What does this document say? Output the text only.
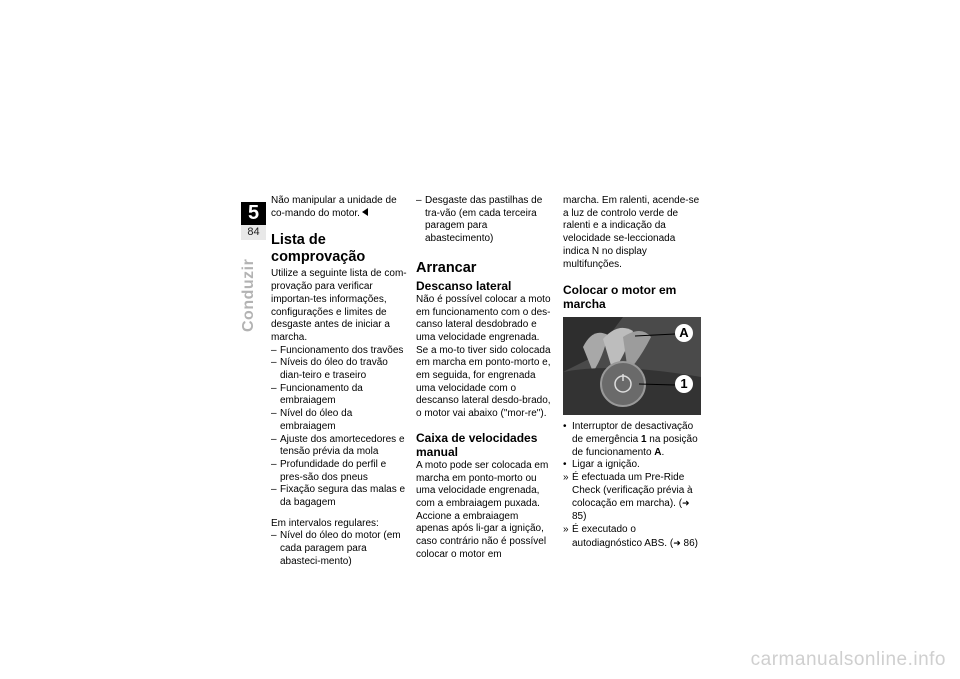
5
84
Conduzir

Não manipular a unidade de co-mando do motor.

Lista de comprovação

Utilize a seguinte lista de com-provação para verificar importan-tes informações, configurações e limites de desgaste antes de iniciar a marcha.

– Funcionamento dos travões
– Níveis do óleo do travão dian-teiro e traseiro
– Funcionamento da embraiagem
– Nível do óleo da embraiagem
– Ajuste dos amortecedores e tensão prévia da mola
– Profundidade do perfil e pres-são dos pneus
– Fixação segura das malas e da bagagem

Em intervalos regulares:

– Nível do óleo do motor (em cada paragem para abasteci-mento)
– Desgaste das pastilhas de tra-vão (em cada terceira paragem para abastecimento)
Arrancar
Descanso lateral

Não é possível colocar a moto em funcionamento com o des-canso lateral desdobrado e uma velocidade engrenada. Se a mo-to tiver sido colocada em marcha em ponto-morto e, em seguida, for engrenada uma velocidade com o descanso lateral desdo-brado, o motor vai abaixo ("mor-re").

Caixa de velocidades manual

A moto pode ser colocada em marcha em ponto-morto ou uma velocidade engrenada, com a embraiagem puxada. Accione a embraiagem apenas após li-gar a ignição, caso contrário não é possível colocar o motor em

marcha. Em ralenti, acende-se a luz de controlo verde de ralenti e a indicação da velocidade se-leccionada indica N no display multifunções.

Colocar o motor em marcha
A
1
• Interruptor de desactivação de emergência 1 na posição de funcionamento A.
• Ligar a ignição.
» É efectuada um Pre-Ride Check (verificação prévia à colocação em marcha). (➜ 85)
» É executado o autodiagnóstico ABS. (➜ 86)
carmanualsonline.info
